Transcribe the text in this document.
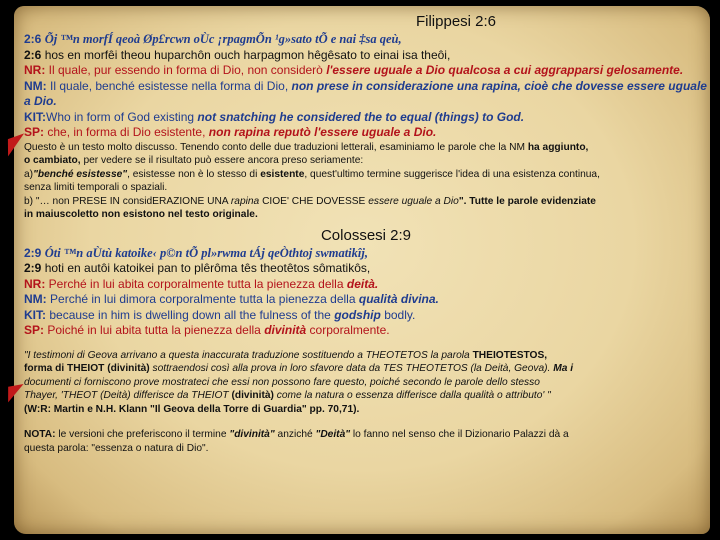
Filippesi 2:6

2:6 Õj ™n morfÍ qeoà Øp£rcwn oÙc ¡rpagmÕn ¹g»sato tÕ e nai ‡sa qeù,

2:6 hos en morfêi theou huparchôn ouch harpagmon hêgêsato to einai isa theôi,

NR: Il quale, pur essendo in forma di Dio, non considerò l'essere uguale a Dio qualcosa a cui aggrapparsi gelosamente.

NM: Il quale, benché esistesse nella forma di Dio, non prese in considerazione una rapina, cioè che dovesse essere uguale a Dio.

KIT:Who in form of God existing not snatching he considered the to equal (things) to God.

SP: che, in forma di Dio esistente, non rapina reputò l'essere uguale a Dio.

Questo è un testo molto discusso. Tenendo conto delle due traduzioni letterali, esaminiamo le parole che la NM ha aggiunto,

o cambiato, per vedere se il risultato può essere ancora preso seriamente:

a)"benché esistesse", esistesse non è lo stesso di esistente, quest'ultimo termine suggerisce l'idea di una esistenza continua,

senza limiti temporali o spaziali.

b) "… non PRESE IN considERAZIONE UNA rapina CIOE' CHE DOVESSE essere uguale a Dio". Tutte le parole evidenziate

in maiuscoletto non esistono nel testo originale.

Colossesi 2:9

2:9 Óti ™n aÙtù katoike‹ p©n tÕ pl»rwma tÁj qeÒthtoj swmatikîj,

2:9 hoti en autôi katoikei pan to plêrôma tês theotêtos sômatikôs,

NR: Perché in lui abita corporalmente tutta la pienezza della deità.

NM: Perché in lui dimora corporalmente tutta la pienezza della qualità divina.

KIT: because in him is dwelling down all the fulness of the godship bodly.

SP: Poiché in lui abita tutta la pienezza della divinità corporalmente.

"I testimoni di Geova arrivano a questa inaccurata traduzione sostituendo a THEOTETOS la parola THEIOTESTOS,

forma di THEIOT (divinità) sottraendosi così alla prova in loro sfavore data da TES THEOTETOS (la Deità, Geova). Ma i

documenti ci forniscono prove mostrateci che essi non possono fare questo, poiché secondo le parole dello stesso

Thayer, 'THEOT (Deità) differisce da THEIOT (divinità) come la natura o essenza differisce dalla qualità o attributo' "

(W:R: Martin e N.H. Klann "Il Geova della Torre di Guardia" pp. 70,71).

NOTA: le versioni che preferiscono il termine "divinità" anziché "Deità" lo fanno nel senso che il Dizionario Palazzi dà a

questa parola: "essenza o natura di Dio".
